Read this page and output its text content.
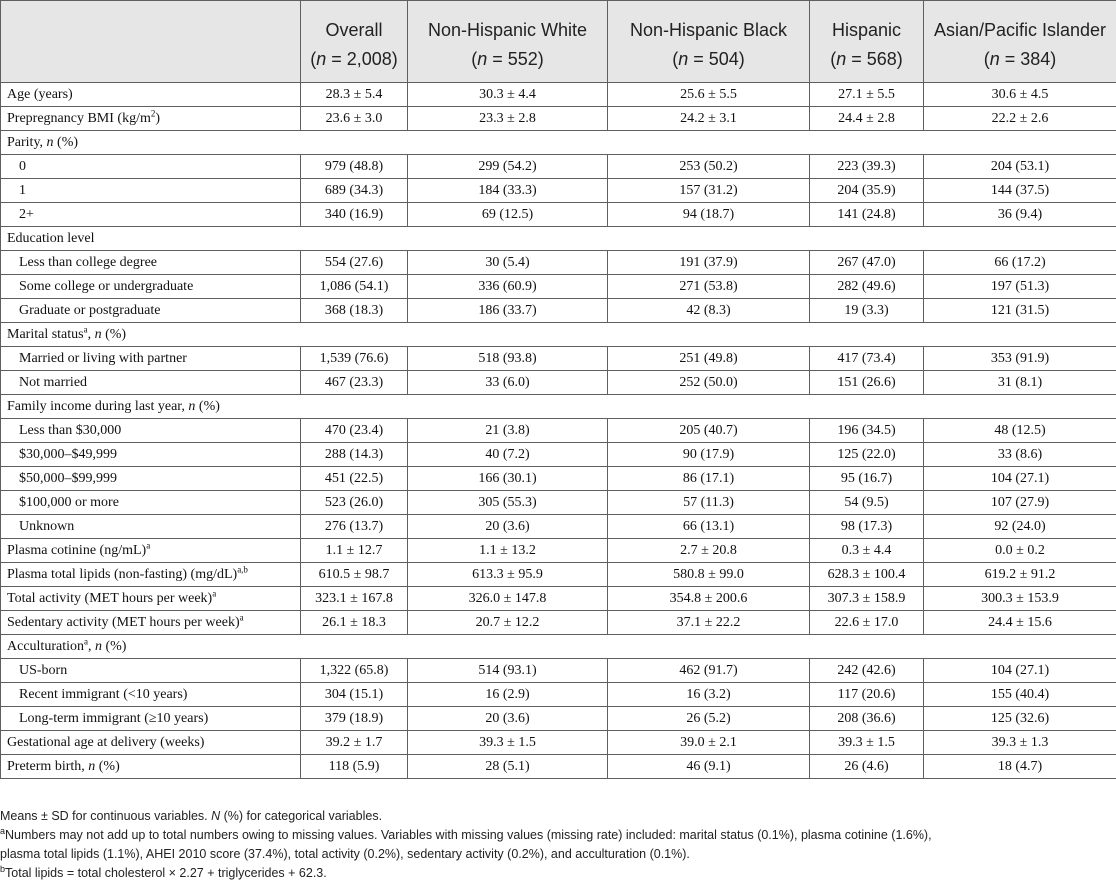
	Overall	Non-Hispanic White	Non-Hispanic Black	Hispanic	Asian/Pacific Islander
	(n = 2,008)	(n = 552)	(n = 504)	(n = 568)	(n = 384)
Age (years)	28.3 ± 5.4	30.3 ± 4.4	25.6 ± 5.5	27.1 ± 5.5	30.6 ± 4.5
Prepregnancy BMI $(kg/m^2)$	23.6 ± 3.0	23.3 ± 2.8	24.2 ± 3.1	24.4 ± 2.8	22.2 ± 2.6
Parity, n (%)					
0	979 (48.8)	299 (54.2)	253 (50.2)	223 (39.3)	204 (53.1)
1	689 (34.3)	184 (33.3)	157 (31.2)	204 (35.9)	144 (37.5)
2+	340 (16.9)	69 (12.5)	94 (18.7)	141 (24.8)	36 (9.4)
Education level					
Less than college degree	554 (27.6)	30 (5.4)	191 (37.9)	267 (47.0)	66 (17.2)
Some college or undergraduate	1,086 (54.1)	336 (60.9)	271 (53.8)	282 (49.6)	197 (51.3)
Graduate or postgraduate	368 (18.3)	186 (33.7)	42 (8.3)	19 (3.3)	121 (31.5)
Marital status$^a$, n (%)					
Married or living with partner	1,539 (76.6)	518 (93.8)	251 (49.8)	417 (73.4)	353 (91.9)
Not married	467 (23.3)	33 (6.0)	252 (50.0)	151 (26.6)	31 (8.1)
Family income during last year, n (%)					
Less than $30,000	470 (23.4)	21 (3.8)	205 (40.7)	196 (34.5)	48 (12.5)
$30,000–$49,999	288 (14.3)	40 (7.2)	90 (17.9)	125 (22.0)	33 (8.6)
$50,000–$99,999	451 (22.5)	166 (30.1)	86 (17.1)	95 (16.7)	104 (27.1)
$100,000 or more	523 (26.0)	305 (55.3)	57 (11.3)	54 (9.5)	107 (27.9)
Unknown	276 (13.7)	20 (3.6)	66 (13.1)	98 (17.3)	92 (24.0)
Plasma cotinine $(ng/mL)^a$	1.1 ± 12.7	1.1 ± 13.2	2.7 ± 20.8	0.3 ± 4.4	0.0 ± 0.2
Plasma total lipids (non-fasting) $(mg/dL)^{a,b}$	610.5 ± 98.7	613.3 ± 95.9	580.8 ± 99.0	628.3 ± 100.4	619.2 ± 91.2
Total activity (MET hours per week)$^a$	323.1 ± 167.8	326.0 ± 147.8	354.8 ± 200.6	307.3 ± 158.9	300.3 ± 153.9
Sedentary activity (MET hours per week)$^a$	26.1 ± 18.3	20.7 ± 12.2	37.1 ± 22.2	22.6 ± 17.0	24.4 ± 15.6
Acculturation$^a$, n (%)					
US-born	1,322 (65.8)	514 (93.1)	462 (91.7)	242 (42.6)	104 (27.1)
Recent immigrant (<10 years)	304 (15.1)	16 (2.9)	16 (3.2)	117 (20.6)	155 (40.4)
Long-term immigrant (≥10 years)	379 (18.9)	20 (3.6)	26 (5.2)	208 (36.6)	125 (32.6)
Gestational age at delivery (weeks)	39.2 ± 1.7	39.3 ± 1.5	39.0 ± 2.1	39.3 ± 1.5	39.3 ± 1.3
Preterm birth, n (%)	118 (5.9)	28 (5.1)	46 (9.1)	26 (4.6)	18 (4.7)
Means ± SD for continuous variables. N (%) for categorical variables.
$^a$Numbers may not add up to total numbers owing to missing values. Variables with missing values (missing rate) included: marital status (0.1%), plasma cotinine (1.6%),
plasma total lipids (1.1%), AHEI 2010 score (37.4%), total activity (0.2%), sedentary activity (0.2%), and acculturation (0.1%).
$^b$Total lipids = total cholesterol × 2.27 + triglycerides + 62.3.
